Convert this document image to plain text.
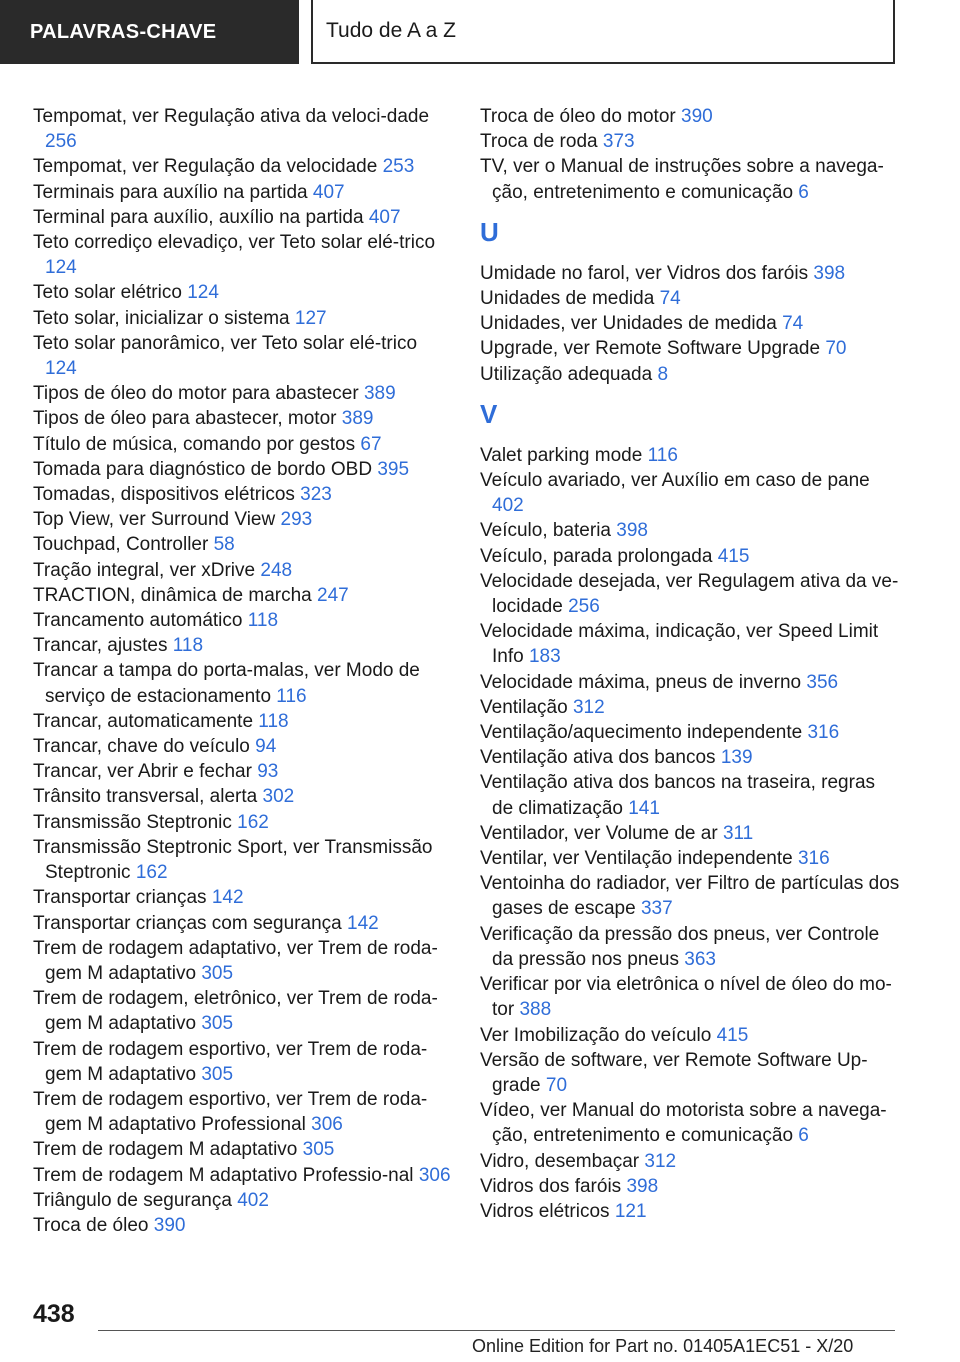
PALAVRAS-CHAVE	Tudo de A a Z
Tempomat, ver Regulação ativa da veloci‐dade 256
Tempomat, ver Regulação da velocidade 253
Terminais para auxílio na partida 407
Terminal para auxílio, auxílio na partida 407
Teto corrediço elevadiço, ver Teto solar elé‐trico 124
Teto solar elétrico 124
Teto solar, inicializar o sistema 127
Teto solar panorâmico, ver Teto solar elé‐trico 124
Tipos de óleo do motor para abastecer 389
Tipos de óleo para abastecer, motor 389
Título de música, comando por gestos 67
Tomada para diagnóstico de bordo OBD 395
Tomadas, dispositivos elétricos 323
Top View, ver Surround View 293
Touchpad, Controller 58
Tração integral, ver xDrive 248
TRACTION, dinâmica de marcha 247
Trancamento automático 118
Trancar, ajustes 118
Trancar a tampa do porta-malas, ver Modo de serviço de estacionamento 116
Trancar, automaticamente 118
Trancar, chave do veículo 94
Trancar, ver Abrir e fechar 93
Trânsito transversal, alerta 302
Transmissão Steptronic 162
Transmissão Steptronic Sport, ver Transmissão Steptronic 162
Transportar crianças 142
Transportar crianças com segurança 142
Trem de rodagem adaptativo, ver Trem de roda‐gem M adaptativo 305
Trem de rodagem, eletrônico, ver Trem de roda‐gem M adaptativo 305
Trem de rodagem esportivo, ver Trem de roda‐gem M adaptativo 305
Trem de rodagem esportivo, ver Trem de roda‐gem M adaptativo Professional 306
Trem de rodagem M adaptativo 305
Trem de rodagem M adaptativo Professio‐nal 306
Triângulo de segurança 402
Troca de óleo 390
Troca de óleo do motor 390
Troca de roda 373
TV, ver o Manual de instruções sobre a navega‐ção, entretenimento e comunicação 6
U
Umidade no farol, ver Vidros dos faróis 398
Unidades de medida 74
Unidades, ver Unidades de medida 74
Upgrade, ver Remote Software Upgrade 70
Utilização adequada 8
V
Valet parking mode 116
Veículo avariado, ver Auxílio em caso de pane 402
Veículo, bateria 398
Veículo, parada prolongada 415
Velocidade desejada, ver Regulagem ativa da ve‐locidade 256
Velocidade máxima, indicação, ver Speed Limit Info 183
Velocidade máxima, pneus de inverno 356
Ventilação 312
Ventilação/aquecimento independente 316
Ventilação ativa dos bancos 139
Ventilação ativa dos bancos na traseira, regras de climatização 141
Ventilador, ver Volume de ar 311
Ventilar, ver Ventilação independente 316
Ventoinha do radiador, ver Filtro de partículas dos gases de escape 337
Verificação da pressão dos pneus, ver Controle da pressão nos pneus 363
Verificar por via eletrônica o nível de óleo do mo‐tor 388
Ver Imobilização do veículo 415
Versão de software, ver Remote Software Up‐grade 70
Vídeo, ver Manual do motorista sobre a navega‐ção, entretenimento e comunicação 6
Vidro, desembaçar 312
Vidros dos faróis 398
Vidros elétricos 121
438
Online Edition for Part no. 01405A1EC51 - X/20
